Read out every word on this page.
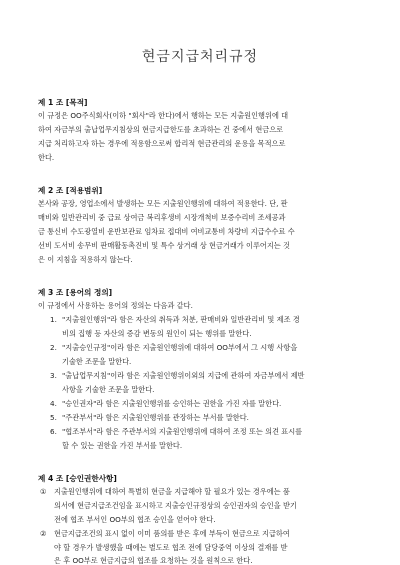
현금지급처리규정
제 1 조 [목적]
이 규정은 OO주식회사(이하 "회사"라 한다)에서 행하는 모든 지출원인행위에 대
하여 자금부의 출납업무지침상의 현금지급한도를 초과하는 건 중에서 현금으로
지급 처리하고자 하는 경우에 적용함으로써 합리적 현금관리의 운용을 목적으로
한다.
제 2 조 [적용범위]
본사와 공장, 영업소에서 발생하는 모든 지출원인행위에 대하여 적용한다. 단, 판
매비와 일반관리비 중 급료 상여금 복리후생비 시장개척비 보증수리비 조세공과
금 통신비 수도광열비 운반보관료 임차료 접대비 여비교통비 차량비 지급수수료 수
선비 도서비 송무비 판매활동촉진비 및 특수 상거래 상 현금거래가 이루어지는 것
은 이 지침을 적용하지 않는다.
제 3 조 [용어의 정의]
이 규정에서 사용하는 용어의 정의는 다음과 같다.
1. "지출원인행위"라 함은 자산의 취득과 처분, 판매비와 일반관리비 및 제조 경
비의 집행 등 자산의 증감 변동의 원인이 되는 행위를 말한다.
2. "지출승인규정"이라 함은 지출원인행위에 대하여 OO부에서 그 시행 사항을
기술한 조문을 말한다.
3. "출납업무지침"이라 함은 지출원인행위이외의 지급에 관하여 자금부에서 제반
사항을 기술한 조문을 말한다.
4. "승인권자"라 함은 지출원인행위를 승인하는 권한을 가진 자를 말한다.
5. "주관부서"라 함은 지출원인행위를 관장하는 부서를 말한다.
6. "협조부서"라 함은 주관부서의 지출원인행위에 대하여 조정 또는 의견 표시를
할 수 있는 권한을 가진 부서를 말한다.
제 4 조 [승인권한사항]
① 지출원인행위에 대하여 특별히 현금을 지급해야 할 필요가 있는 경우에는 품
의서에 현금지급조건임을 표시하고 지출승인규정상의 승인권자의 승인을 받기
전에 협조 부서인 OO부의 협조 승인을 얻어야 한다.
② 현금지급조건의 표시 없이 이미 품의를 받은 후에 부득이 현금으로 지급하여
야 할 경우가 발생했을 때에는 별도로 협조 전에 담당중역 이상의 결재를 받
은 후 OO부로 현금지급의 협조를 요청하는 것을 원칙으로 한다.
